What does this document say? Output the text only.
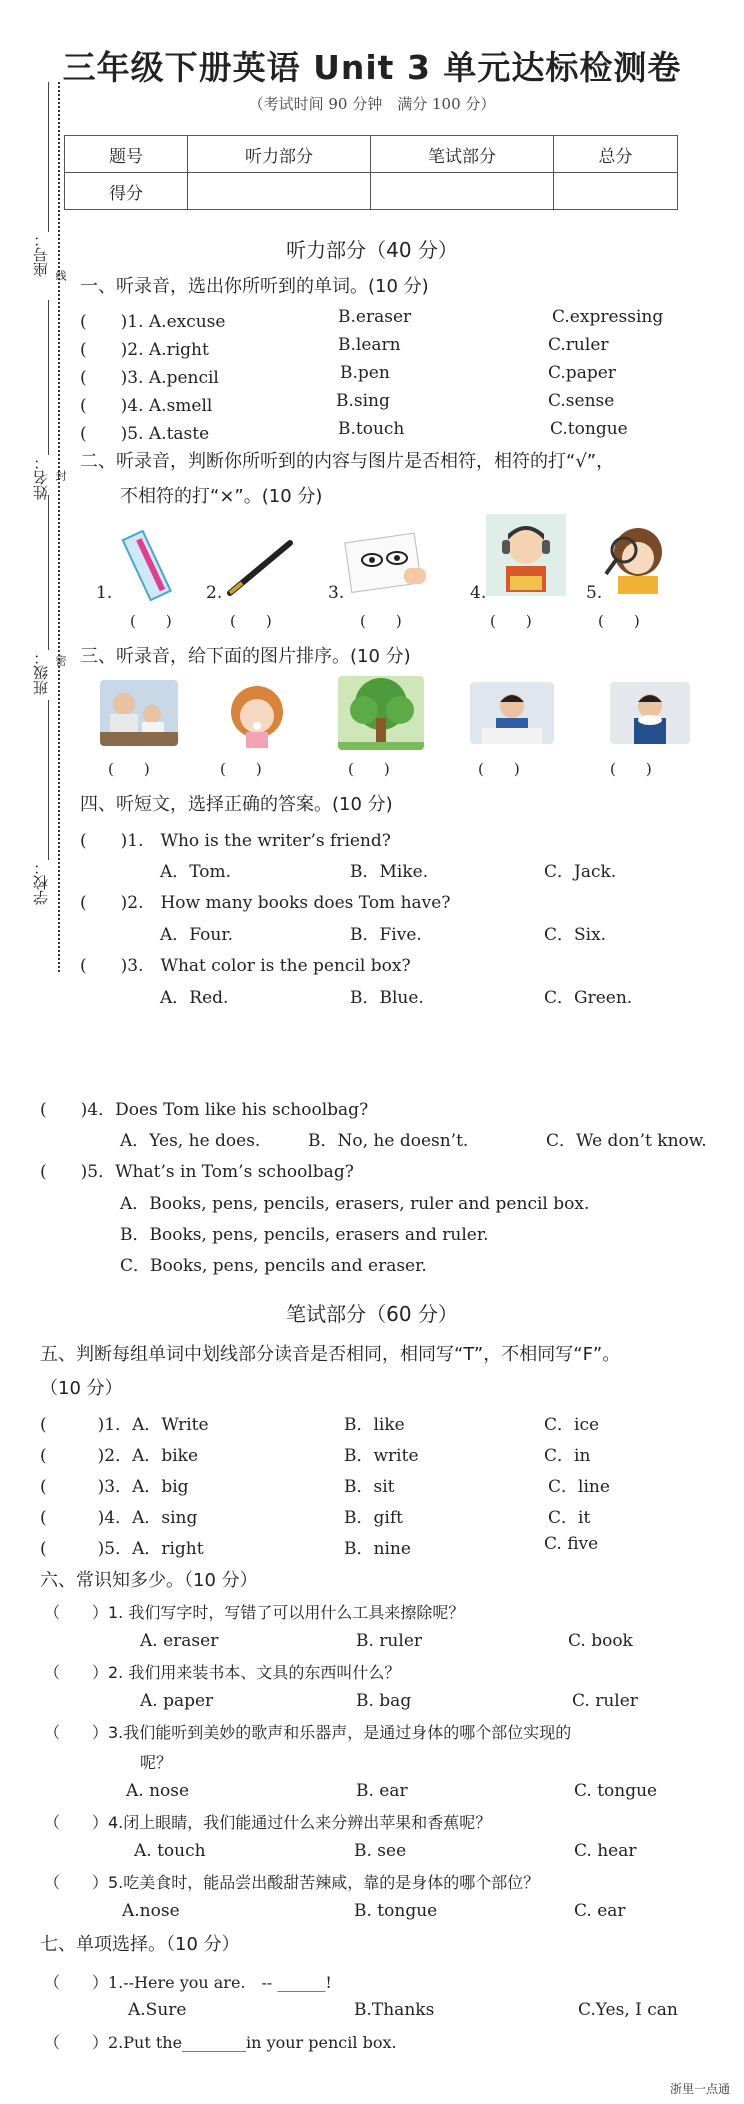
座号： 线
姓名： 封
班级： 密
学校：
三年级下册英语 Unit 3 单元达标检测卷
（考试时间 90 分钟　满分 100 分）
题号	听力部分	笔试部分	总分
得分			
听力部分（40 分）
一、听录音，选出你所听到的单词。(10 分)
(　　)1. A.excuse	B.eraser	C.expressing
(　　)2. A.right	B.learn	C.ruler
(　　)3. A.pencil	B.pen	C.paper
(　　)4. A.smell	B.sing	C.sense
(　　)5. A.taste	B.touch	C.tongue
二、听录音，判断你所听到的内容与图片是否相符，相符的打“√”，
不相符的打“×”。(10 分)
1.	2.	3.	4.	5.
(　　)	(　　)	(　　)	(　　)	(　　)
三、听录音，给下面的图片排序。(10 分)
(　　)	(　　)	(　　)	(　　)	(　　)
四、听短文，选择正确的答案。(10 分)
(　　)1.　Who is the writer’s friend?
A．Tom.	B．Mike.	C．Jack.
(　　)2.　How many books does Tom have?
A．Four.	B．Five.	C．Six.
(　　)3.　What color is the pencil box?
A．Red.	B．Blue.	C．Green.
(　　)4．Does Tom like his schoolbag?
A．Yes, he does.	B．No, he doesn’t.	C．We don’t know.
(　　)5．What’s in Tom’s schoolbag?
A．Books, pens, pencils, erasers, ruler and pencil box.
B．Books, pens, pencils, erasers and ruler.
C．Books, pens, pencils and eraser.
笔试部分（60 分）
五、判断每组单词中划线部分读音是否相同，相同写“T”，不相同写“F”。
（10 分）
(　　　)1．A．Write	B．like	C．ice
(　　　)2．A．bike	B．write	C．in
(　　　)3．A．big	B．sit	C．line
(　　　)4．A．sing	B．gift	C．it
(　　　)5．A．right	B．nine	C. five
六、常识知多少。（10 分）
（　　）1. 我们写字时，写错了可以用什么工具来擦除呢？
A. eraser	B. ruler	C. book
（　　）2. 我们用来装书本、文具的东西叫什么？
A. paper	B. bag	C. ruler
（　　）3.我们能听到美妙的歌声和乐器声，是通过身体的哪个部位实现的
呢？
A. nose	B. ear	C. tongue
（　　）4.闭上眼睛，我们能通过什么来分辨出苹果和香蕉呢？
A. touch	B. see	C. hear
（　　）5.吃美食时，能品尝出酸甜苦辣咸，靠的是身体的哪个部位？
A.nose	B. tongue	C. ear
七、单项选择。（10 分）
（　　）1.--Here you are.　-- ______!
A.Sure	B.Thanks	C.Yes, I can
（　　）2.Put the________in your pencil box.
浙里一点通
